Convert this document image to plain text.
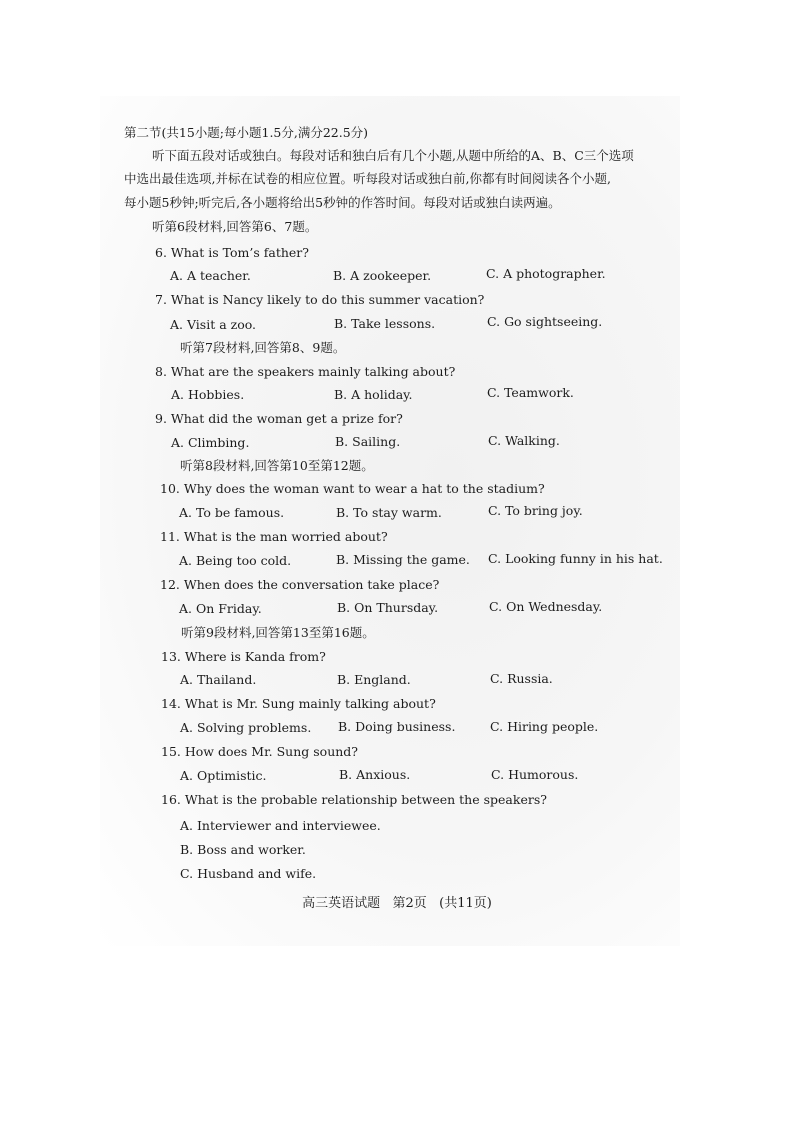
第二节(共15小题;每小题1.5分,满分22.5分)
听下面五段对话或独白。每段对话和独白后有几个小题,从题中所给的A、B、C三个选项
中选出最佳选项,并标在试卷的相应位置。听每段对话或独白前,你都有时间阅读各个小题,
每小题5秒钟;听完后,各小题将给出5秒钟的作答时间。每段对话或独白读两遍。
听第6段材料,回答第6、7题。
6. What is Tom’s father?
A. A teacher.	B. A zookeeper.	C. A photographer.
7. What is Nancy likely to do this summer vacation?
A. Visit a zoo.	B. Take lessons.	C. Go sightseeing.
听第7段材料,回答第8、9题。
8. What are the speakers mainly talking about?
A. Hobbies.	B. A holiday.	C. Teamwork.
9. What did the woman get a prize for?
A. Climbing.	B. Sailing.	C. Walking.
听第8段材料,回答第10至第12题。
10. Why does the woman want to wear a hat to the stadium?
A. To be famous.	B. To stay warm.	C. To bring joy.
11. What is the man worried about?
A. Being too cold.	B. Missing the game. C. Looking funny in his hat.
12. When does the conversation take place?
A. On Friday.	B. On Thursday.	C. On Wednesday.
听第9段材料,回答第13至第16题。
13. Where is Kanda from?
A. Thailand.	B. England.	C. Russia.
14. What is Mr. Sung mainly talking about?
A. Solving problems. B. Doing business.	C. Hiring people.
15. How does Mr. Sung sound?
A. Optimistic.	B. Anxious.	C. Humorous.
16. What is the probable relationship between the speakers?
A. Interviewer and interviewee.
B. Boss and worker.
C. Husband and wife.
高三英语试题   第2页   (共11页)
